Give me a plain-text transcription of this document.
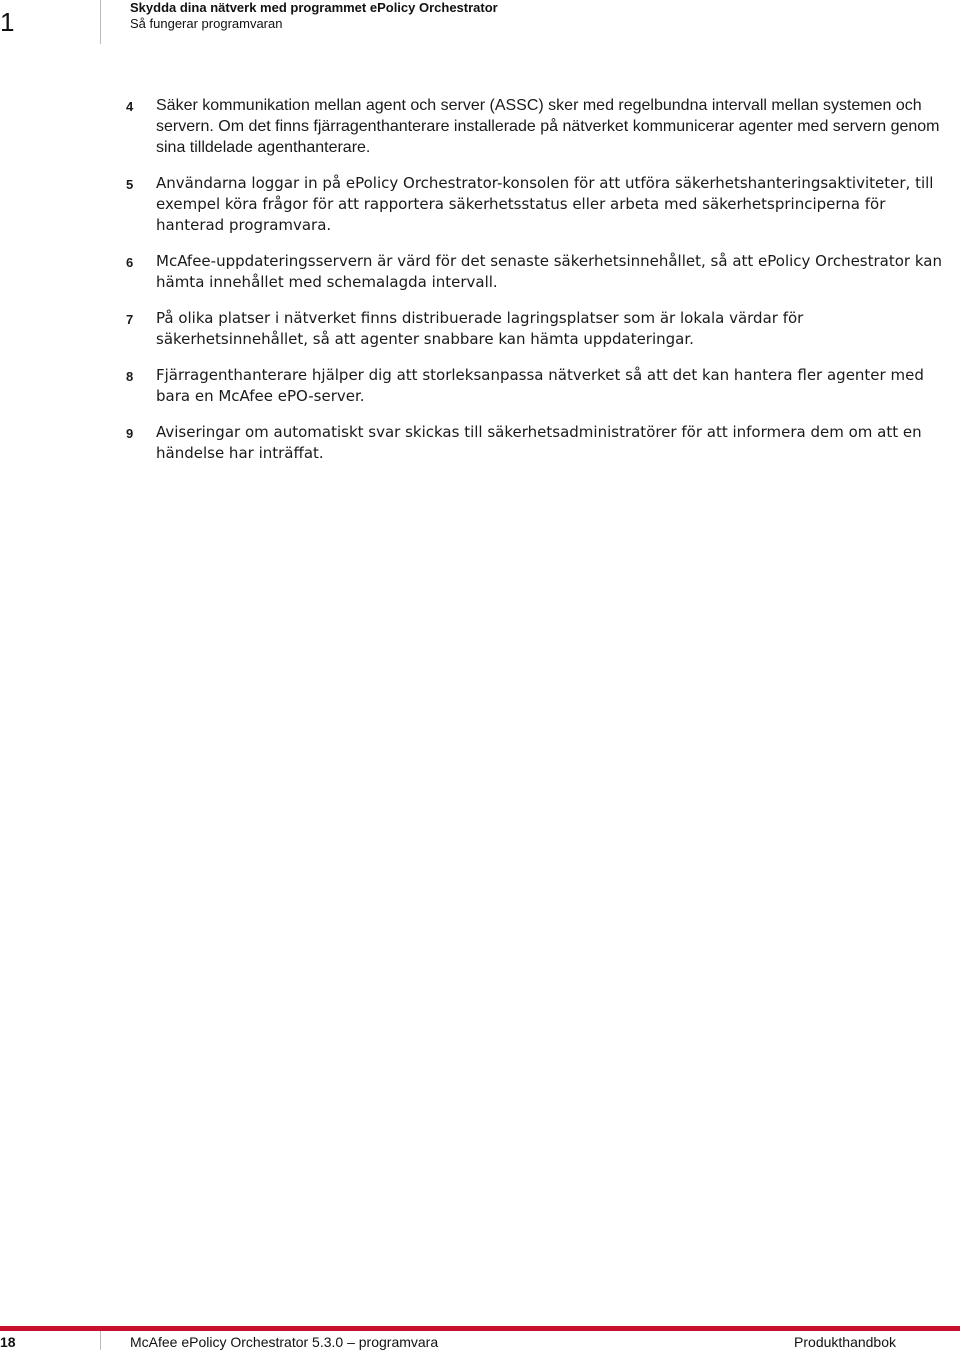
1	Skydda dina nätverk med programmet ePolicy Orchestrator
Så fungerar programvaran
4	Säker kommunikation mellan agent och server (ASSC) sker med regelbundna intervall mellan systemen och servern. Om det finns fjärragenthanterare installerade på nätverket kommunicerar agenter med servern genom sina tilldelade agenthanterare.
5	Användarna loggar in på ePolicy Orchestrator-konsolen för att utföra säkerhetshanteringsaktiviteter, till exempel köra frågor för att rapportera säkerhetsstatus eller arbeta med säkerhetsprinciperna för hanterad programvara.
6	McAfee-uppdateringsservern är värd för det senaste säkerhetsinnehållet, så att ePolicy Orchestrator kan hämta innehållet med schemalagda intervall.
7	På olika platser i nätverket finns distribuerade lagringsplatser som är lokala värdar för säkerhetsinnehållet, så att agenter snabbare kan hämta uppdateringar.
8	Fjärragenthanterare hjälper dig att storleksanpassa nätverket så att det kan hantera fler agenter med bara en McAfee ePO-server.
9	Aviseringar om automatiskt svar skickas till säkerhetsadministratörer för att informera dem om att en händelse har inträffat.
18	McAfee ePolicy Orchestrator 5.3.0 – programvara	Produkthandbok
